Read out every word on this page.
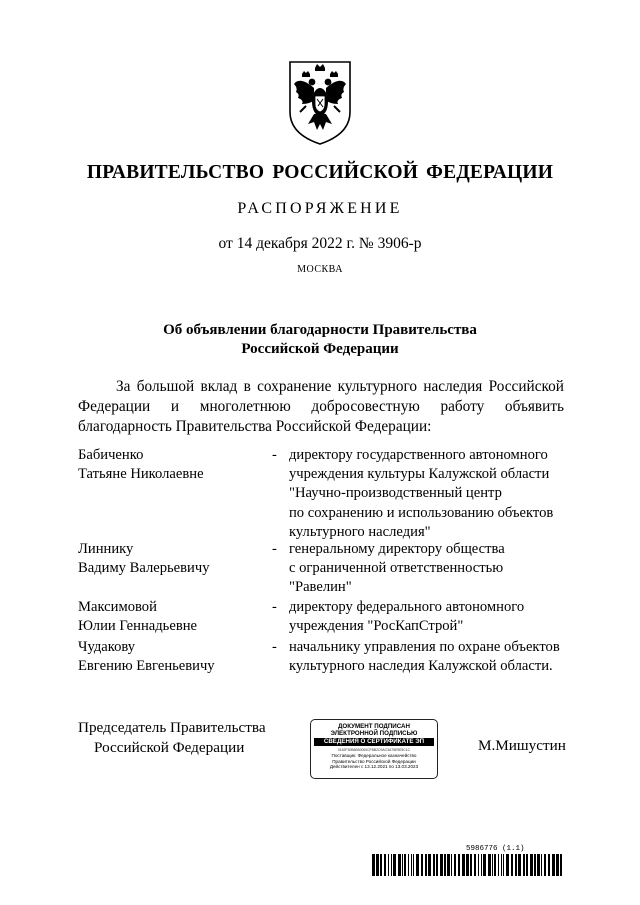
ПРАВИТЕЛЬСТВО РОССИЙСКОЙ ФЕДЕРАЦИИ
РАСПОРЯЖЕНИЕ
от 14 декабря 2022 г. № 3906-р
МОСКВА
Об объявлении благодарности Правительства
Российской Федерации

За большой вклад в сохранение культурного наследия Российской Федерации и многолетнюю добросовестную работу объявить благодарность Правительства Российской Федерации:

Бабиченко
Татьяне Николаевне
- директору государственного автономного
учреждения культуры Калужской области
"Научно-производственный центр
по сохранению и использованию объектов
культурного наследия"
Линнику
Вадиму Валерьевичу
- генеральному директору общества
с ограниченной ответственностью
"Равелин"
Максимовой
Юлии Геннадьевне
- директору федерального автономного
учреждения "РосКапСтрой"
Чудакову
Евгению Евгеньевичу
- начальнику управления по охране объектов
культурного наследия Калужской области.
Председатель Правительства
Российской Федерации
ДОКУМЕНТ ПОДПИСАН
ЭЛЕКТРОННОЙ ПОДПИСЬЮ
СВЕДЕНИЯ О СЕРТИФИКАТЕ ЭП
0152F30B6B50000CFBB2C9AC3A75E9E5C1C
Поставщик: Федеральное казначейство
Правительство Российской Федерации
Действителен с 13.12.2021 по 13.03.2023
М.Мишустин
5986776 (1.1)
